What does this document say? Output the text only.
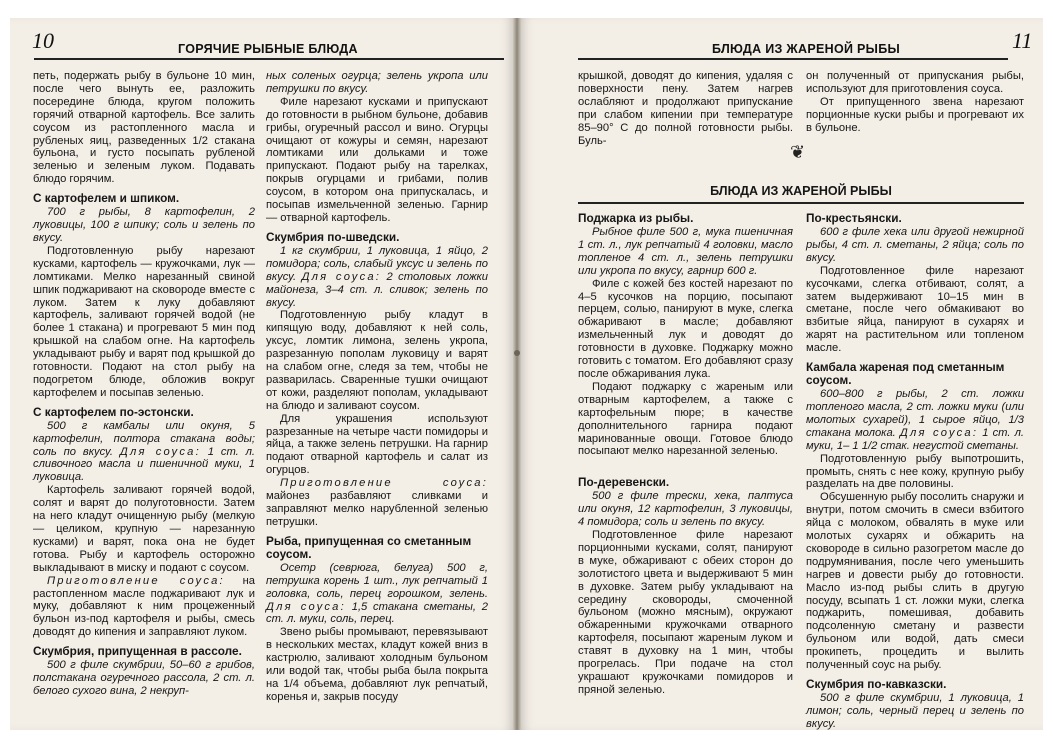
10	ГОРЯЧИЕ РЫБНЫЕ БЛЮДА	БЛЮДА ИЗ ЖАРЕНОЙ РЫБЫ	11

петь, подержать рыбу в бульоне 10 мин, после чего вынуть ее, разложить посередине блюда, кругом положить горячий отварной картофель. Все залить соусом из растопленного масла и рубленых яиц, разведенных 1/2 стакана бульона, и густо посыпать рубленой зеленью и зеленым луком. Подавать блюдо горячим.

С картофелем и шпиком.

700 г рыбы, 8 картофелин, 2 луковицы, 100 г шпику; соль и зелень по вкусу.

Подготовленную рыбу нарезают кусками, картофель — кружочками, лук — ломтиками. Мелко нарезанный свиной шпик поджаривают на сковороде вместе с луком. Затем к луку добавляют картофель, заливают горячей водой (не более 1 стакана) и прогревают 5 мин под крышкой на слабом огне. На картофель укладывают рыбу и варят под крышкой до готовности. Подают на стол рыбу на подогретом блюде, обложив вокруг картофелем и посыпав зеленью.

С картофелем по-эстонски.

500 г камбалы или окуня, 5 картофелин, полтора стакана воды; соль по вкусу. Для соуса: 1 ст. л. сливочного масла и пшеничной муки, 1 луковица.

Картофель заливают горячей водой, солят и варят до полуготовности. Затем на него кладут очищенную рыбу (мелкую — целиком, крупную — нарезанную кусками) и варят, пока она не будет готова. Рыбу и картофель осторожно выкладывают в миску и подают с соусом.

Приготовление соуса: на растопленном масле поджаривают лук и муку, добавляют к ним процеженный бульон из-под картофеля и рыбы, смесь доводят до кипения и заправляют луком.

Скумбрия, припущенная в рассоле.

500 г филе скумбрии, 50–60 г грибов, полстакана огуречного рассола, 2 ст. л. белого сухого вина, 2 некруп-

ных соленых огурца; зелень укропа или петрушки по вкусу.

Филе нарезают кусками и припускают до готовности в рыбном бульоне, добавив грибы, огуречный рассол и вино. Огурцы очищают от кожуры и семян, нарезают ломтиками или дольками и тоже припускают. Подают рыбу на тарелках, покрыв огурцами и грибами, полив соусом, в котором она припускалась, и посыпав измельченной зеленью. Гарнир — отварной картофель.

Скумбрия по-шведски.

1 кг скумбрии, 1 луковица, 1 яйцо, 2 помидора; соль, слабый уксус и зелень по вкусу. Для соуса: 2 столовых ложки майонеза, 3–4 ст. л. сливок; зелень по вкусу.

Подготовленную рыбу кладут в кипящую воду, добавляют к ней соль, уксус, ломтик лимона, зелень укропа, разрезанную пополам луковицу и варят на слабом огне, следя за тем, чтобы не разварилась. Сваренные тушки очищают от кожи, разделяют пополам, укладывают на блюдо и заливают соусом.

Для украшения используют разрезанные на четыре части помидоры и яйца, а также зелень петрушки. На гарнир подают отварной картофель и салат из огурцов.

Приготовление соуса: майонез разбавляют сливками и заправляют мелко нарубленной зеленью петрушки.

Рыба, припущенная со сметанным соусом.

Осетр (севрюга, белуга) 500 г, петрушка корень 1 шт., лук репчатый 1 головка, соль, перец горошком, зелень. Для соуса: 1,5 стакана сметаны, 2 ст. л. муки, соль, перец.

Звено рыбы промывают, перевязывают в нескольких местах, кладут кожей вниз в кастрюлю, заливают холодным бульоном или водой так, чтобы рыба была покрыта на 1/4 объема, добавляют лук репчатый, коренья и, закрыв посуду

крышкой, доводят до кипения, удаляя с поверхности пену. Затем нагрев ослабляют и продолжают припускание при слабом кипении при температуре 85–90° С до полной готовности рыбы. Буль-

он полученный от припускания рыбы, используют для приготовления соуса.

От припущенного звена нарезают порционные куски рыбы и прогревают их в бульоне.

❦
БЛЮДА ИЗ ЖАРЕНОЙ РЫБЫ
Поджарка из рыбы.

Рыбное филе 500 г, мука пшеничная 1 ст. л., лук репчатый 4 головки, масло топленое 4 ст. л., зелень петрушки или укропа по вкусу, гарнир 600 г.

Филе с кожей без костей нарезают по 4–5 кусочков на порцию, посыпают перцем, солью, панируют в муке, слегка обжаривают в масле; добавляют измельченный лук и доводят до готовности в духовке. Поджарку можно готовить с томатом. Его добавляют сразу после обжаривания лука.

Подают поджарку с жареным или отварным картофелем, а также с картофельным пюре; в качестве дополнительного гарнира подают маринованные овощи. Готовое блюдо посыпают мелко нарезанной зеленью.

По-деревенски.

500 г филе трески, хека, палтуса или окуня, 12 картофелин, 3 луковицы, 4 помидора; соль и зелень по вкусу.

Подготовленное филе нарезают порционными кусками, солят, панируют в муке, обжаривают с обеих сторон до золотистого цвета и выдерживают 5 мин в духовке. Затем рыбу укладывают на середину сковороды, смоченной бульоном (можно мясным), окружают обжаренными кружочками отварного картофеля, посыпают жареным луком и ставят в духовку на 1 мин, чтобы прогрелась. При подаче на стол украшают кружочками помидоров и пряной зеленью.

По-крестьянски.

600 г филе хека или другой нежирной рыбы, 4 ст. л. сметаны, 2 яйца; соль по вкусу.

Подготовленное филе нарезают кусочками, слегка отбивают, солят, а затем выдерживают 10–15 мин в сметане, после чего обмакивают во взбитые яйца, панируют в сухарях и жарят на растительном или топленом масле.

Камбала жареная под сметанным соусом.

600–800 г рыбы, 2 ст. ложки топленого масла, 2 ст. ложки муки (или молотых сухарей), 1 сырое яйцо, 1/3 стакана молока. Для соуса: 1 ст. л. муки, 1– 1 1/2 стак. негустой сметаны.

Подготовленную рыбу выпотрошить, промыть, снять с нее кожу, крупную рыбу разделать на две половины.

Обсушенную рыбу посолить снаружи и внутри, потом смочить в смеси взбитого яйца с молоком, обвалять в муке или молотых сухарях и обжарить на сковороде в сильно разогретом масле до подрумянивания, после чего уменьшить нагрев и довести рыбу до готовности. Масло из-под рыбы слить в другую посуду, всыпать 1 ст. ложки муки, слегка поджарить, помешивая, добавить подсоленную сметану и развести бульоном или водой, дать смеси прокипеть, процедить и вылить полученный соус на рыбу.

Скумбрия по-кавказски.

500 г филе скумбрии, 1 луковица, 1 лимон; соль, черный перец и зелень по вкусу.
